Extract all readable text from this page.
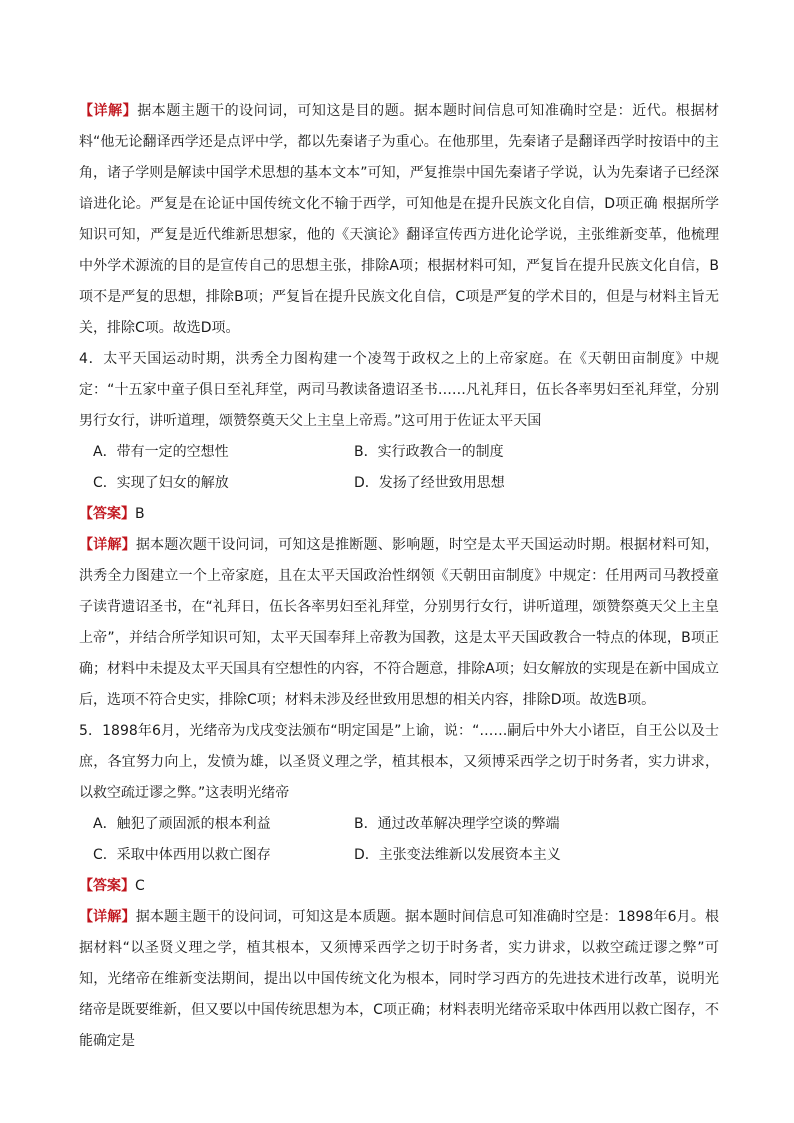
【详解】据本题主题干的设问词，可知这是目的题。据本题时间信息可知准确时空是：近代。根据材料“他无论翻译西学还是点评中学，都以先秦诸子为重心。在他那里，先秦诸子是翻译西学时按语中的主角，诸子学则是解读中国学术思想的基本文本”可知，严复推崇中国先秦诸子学说，认为先秦诸子已经深谙进化论。严复是在论证中国传统文化不输于西学，可知他是在提升民族文化自信，D项正确 根据所学知识可知，严复是近代维新思想家，他的《天演论》翻译宣传西方进化论学说，主张维新变革，他梳理中外学术源流的目的是宣传自己的思想主张，排除A项；根据材料可知，严复旨在提升民族文化自信，B项不是严复的思想，排除B项；严复旨在提升民族文化自信，C项是严复的学术目的，但是与材料主旨无关，排除C项。故选D项。

4．太平天国运动时期，洪秀全力图构建一个凌驾于政权之上的上帝家庭。在《天朝田亩制度》中规定：“十五家中童子俱日至礼拜堂，两司马教读备遗诏圣书……凡礼拜日，伍长各率男妇至礼拜堂，分别男行女行，讲听道理，颂赞祭奠天父上主皇上帝焉。”这可用于佐证太平天国

A．带有一定的空想性	B．实行政教合一的制度
C．实现了妇女的解放	D．发扬了经世致用思想

【答案】B

【详解】据本题次题干设问词，可知这是推断题、影响题，时空是太平天国运动时期。根据材料可知，洪秀全力图建立一个上帝家庭，且在太平天国政治性纲领《天朝田亩制度》中规定：任用两司马教授童子读背遗诏圣书，在“礼拜日，伍长各率男妇至礼拜堂，分别男行女行，讲听道理，颂赞祭奠天父上主皇上帝”，并结合所学知识可知，太平天国奉拜上帝教为国教，这是太平天国政教合一特点的体现，B项正确；材料中未提及太平天国具有空想性的内容，不符合题意，排除A项；妇女解放的实现是在新中国成立后，选项不符合史实，排除C项；材料未涉及经世致用思想的相关内容，排除D项。故选B项。

5．1898年6月，光绪帝为戊戌变法颁布“明定国是”上谕，说：“……嗣后中外大小诸臣，自王公以及士庶，各宜努力向上，发愤为雄，以圣贤义理之学，植其根本，又须博采西学之切于时务者，实力讲求，以救空疏迂谬之弊。”这表明光绪帝

A．触犯了顽固派的根本利益	B．通过改革解决理学空谈的弊端
C．采取中体西用以救亡图存	D．主张变法维新以发展资本主义

【答案】C

【详解】据本题主题干的设问词，可知这是本质题。据本题时间信息可知准确时空是：1898年6月。根据材料“以圣贤义理之学，植其根本，又须博采西学之切于时务者，实力讲求，以救空疏迂谬之弊”可知，光绪帝在维新变法期间，提出以中国传统文化为根本，同时学习西方的先进技术进行改革，说明光绪帝是既要维新，但又要以中国传统思想为本，C项正确；材料表明光绪帝采取中体西用以救亡图存，不能确定是
